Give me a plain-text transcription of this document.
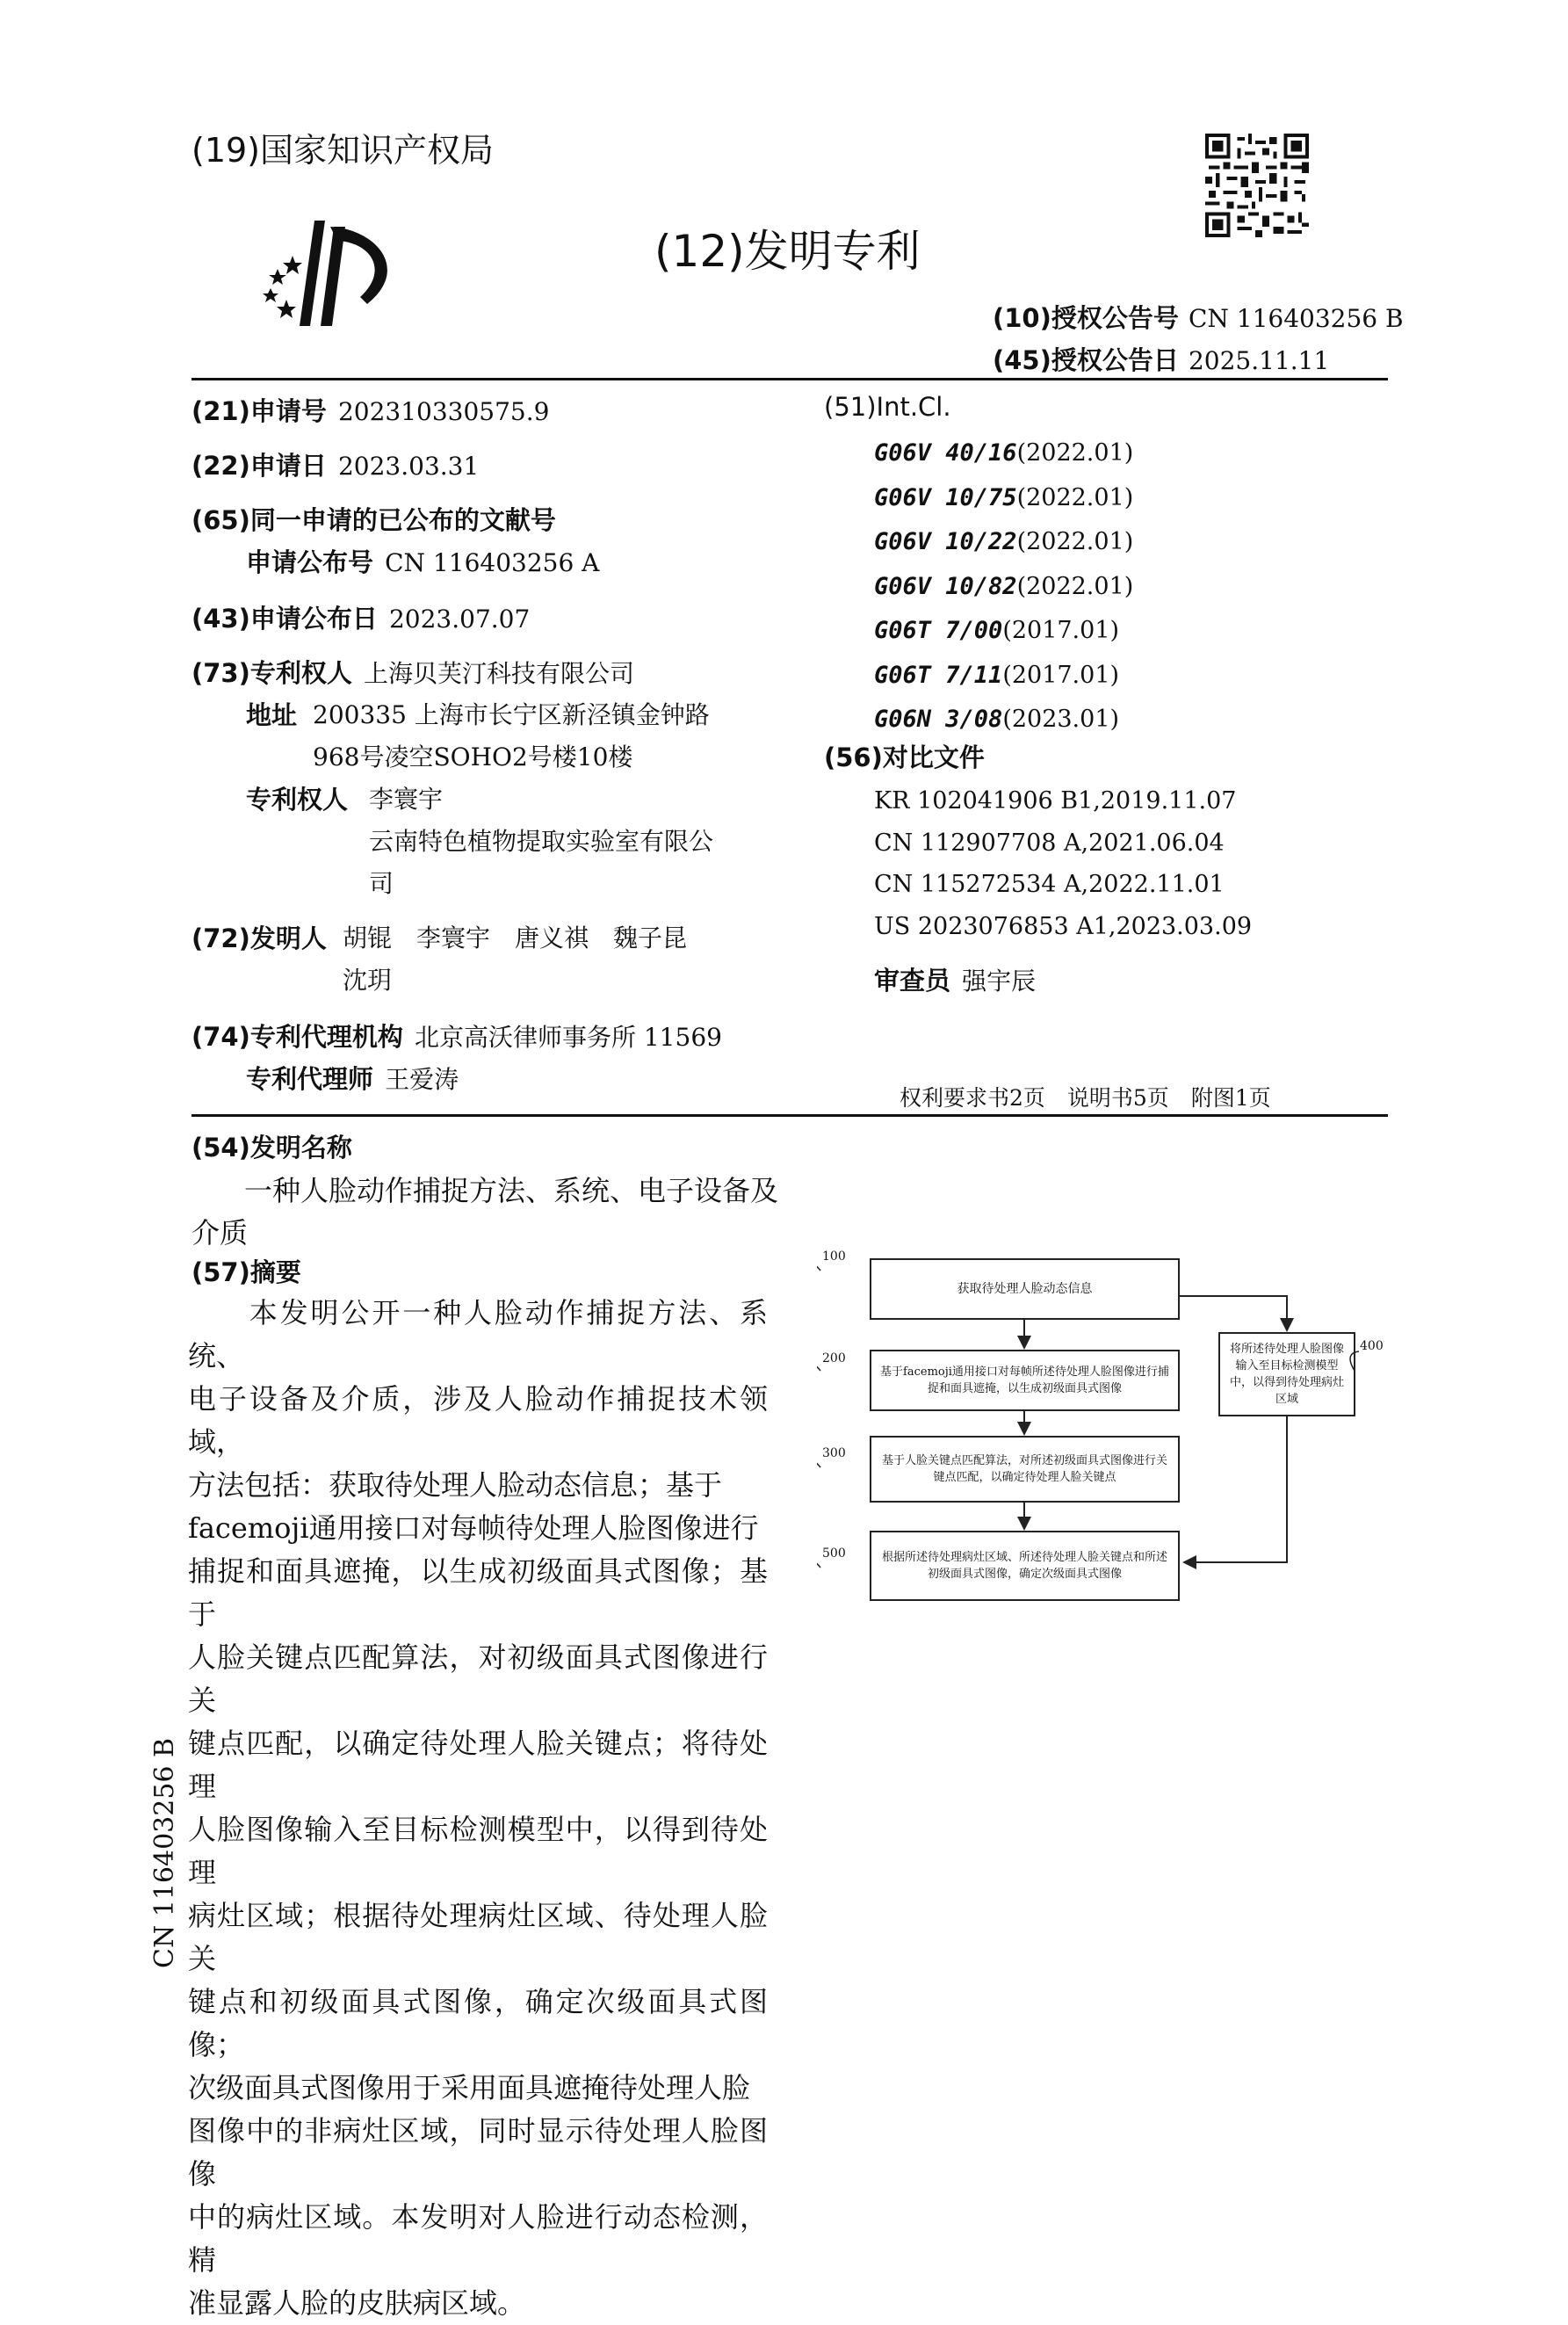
(19)国家知识产权局
(12)发明专利
(10)授权公告号 CN 116403256 B
(45)授权公告日 2025.11.11
(21)申请号 202310330575.9
(22)申请日 2023.03.31
(65)同一申请的已公布的文献号
申请公布号 CN 116403256 A
(43)申请公布日 2023.07.07
(73)专利权人 上海贝芙汀科技有限公司
地址 200335 上海市长宁区新泾镇金钟路
968号凌空SOHO2号楼10楼
专利权人 李寰宇
云南特色植物提取实验室有限公
司
(72)发明人 胡锟　李寰宇　唐义祺　魏子昆
沈玥
(74)专利代理机构 北京高沃律师事务所 11569
专利代理师 王爱涛
(51)Int.Cl.
G06V 40/16(2022.01)
G06V 10/75(2022.01)
G06V 10/22(2022.01)
G06V 10/82(2022.01)
G06T 7/00(2017.01)
G06T 7/11(2017.01)
G06N 3/08(2023.01)
(56)对比文件
KR 102041906 B1,2019.11.07
CN 112907708 A,2021.06.04
CN 115272534 A,2022.11.01
US 2023076853 A1,2023.03.09
审查员 强宇辰
权利要求书2页　说明书5页　附图1页
(54)发明名称
一种人脸动作捕捉方法、系统、电子设备及
介质
(57)摘要

　　本发明公开一种人脸动作捕捉方法、系统、

电子设备及介质，涉及人脸动作捕捉技术领域，

方法包括：获取待处理人脸动态信息；基于

facemoji通用接口对每帧待处理人脸图像进行

捕捉和面具遮掩，以生成初级面具式图像；基于

人脸关键点匹配算法，对初级面具式图像进行关

键点匹配，以确定待处理人脸关键点；将待处理

人脸图像输入至目标检测模型中，以得到待处理

病灶区域；根据待处理病灶区域、待处理人脸关

键点和初级面具式图像，确定次级面具式图像；

次级面具式图像用于采用面具遮掩待处理人脸

图像中的非病灶区域，同时显示待处理人脸图像

中的病灶区域。本发明对人脸进行动态检测，精

准显露人脸的皮肤病区域。

CN 116403256 B
100
获取待处理人脸动态信息
200
基于facemoji通用接口对每帧所述待处理人脸图像进行捕捉和面具遮掩，以生成初级面具式图像
300
基于人脸关键点匹配算法，对所述初级面具式图像进行关键点匹配，以确定待处理人脸关键点
将所述待处理人脸图像输入至目标检测模型中，以得到待处理病灶区域
400
500	根据所述待处理病灶区域、所述待处理人脸关键点和所述初级面具式图像，确定次级面具式图像
